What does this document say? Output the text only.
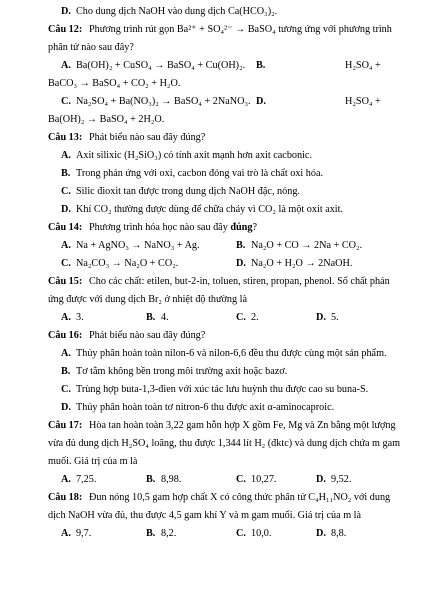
D. Cho dung dịch NaOH vào dung dịch Ca(HCO₃)₂.
Câu 12: Phương trình rút gọn Ba²⁺ + SO₄²⁻ → BaSO₄ tương ứng với phương trình
phân tử nào sau đây?
A. Ba(OH)₂ + CuSO₄ → BaSO₄ + Cu(OH)₂. B.	H₂SO₄ +
BaCO₃ → BaSO₄ + CO₂ + H₂O.
C. Na₂SO₄ + Ba(NO₃)₂ → BaSO₄ + 2NaNO₃. D.	H₂SO₄ +
Ba(OH)₂ → BaSO₄ + 2H₂O.
Câu 13: Phát biểu nào sau đây đúng?
A. Axit silixic (H₂SiO₃) có tính axit mạnh hơn axit cacbonic.
B. Trong phản ứng với oxi, cacbon đóng vai trò là chất oxi hóa.
C. Silic đioxit tan được trong dung dịch NaOH đặc, nóng.
D. Khí CO₂ thường được dùng để chữa cháy vì CO₂ là một oxit axit.
Câu 14: Phương trình hóa học nào sau đây đúng?
A. Na + AgNO₃ → NaNO₃ + Ag.	B. Na₂O + CO → 2Na + CO₂.
C. Na₂CO₃ → Na₂O + CO₂.	D. Na₂O + H₂O → 2NaOH.
Câu 15: Cho các chất: etilen, but-2-in, toluen, stiren, propan, phenol. Số chất phản
ứng được với dung dịch Br₂ ở nhiệt độ thường là
A. 3.	B. 4.	C. 2.	D. 5.
Câu 16: Phát biểu nào sau đây đúng?
A. Thủy phân hoàn toàn nilon-6 và nilon-6,6 đều thu được cùng một sản phẩm.
B. Tơ tằm không bền trong môi trường axit hoặc bazơ.
C. Trùng hợp buta-1,3-đien với xúc tác lưu huỳnh thu được cao su buna-S.
D. Thủy phân hoàn toàn tơ nitron-6 thu được axit α-aminocaproic.
Câu 17: Hòa tan hoàn toàn 3,22 gam hỗn hợp X gồm Fe, Mg và Zn bằng một lượng
vừa đủ dung dịch H₂SO₄ loãng, thu được 1,344 lít H₂ (đktc) và dung dịch chứa m gam
muối. Giá trị của m là
A. 7,25.	B. 8,98.	C. 10,27.	D. 9,52.
Câu 18: Đun nóng 10,5 gam hợp chất X có công thức phân tử C₄H₁₁NO₂ với dung
dịch NaOH vừa đủ, thu được 4,5 gam khí Y và m gam muối. Giá trị của m là
A. 9,7.	B. 8,2.	C. 10,0.	D. 8,8.
